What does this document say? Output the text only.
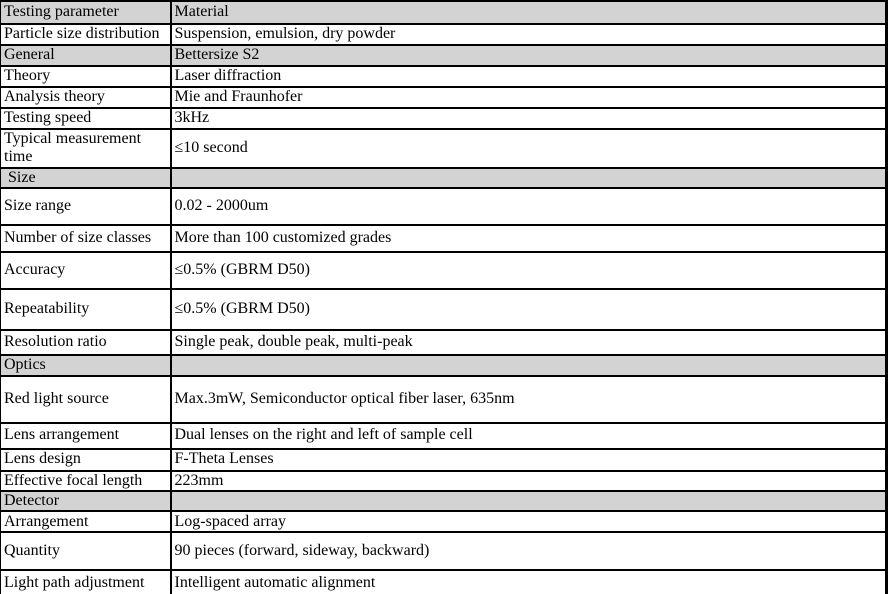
Testing parameter	Material
Particle size distribution	Suspension, emulsion, dry powder
General	Bettersize S2
Theory	Laser diffraction
Analysis theory	Mie and Fraunhofer
Testing speed	3kHz
Typical measurement time	≤10 second
Size	
Size range	0.02 - 2000um
Number of size classes	More than 100 customized grades
Accuracy	≤0.5% (GBRM D50)
Repeatability	≤0.5% (GBRM D50)
Resolution ratio	Single peak, double peak, multi-peak
Optics	
Red light source	Max.3mW, Semiconductor optical fiber laser, 635nm
Lens arrangement	Dual lenses on the right and left of sample cell
Lens design	F-Theta Lenses
Effective focal length	223mm
Detector	
Arrangement	Log-spaced array
Quantity	90 pieces (forward, sideway, backward)
Light path adjustment	Intelligent automatic alignment
